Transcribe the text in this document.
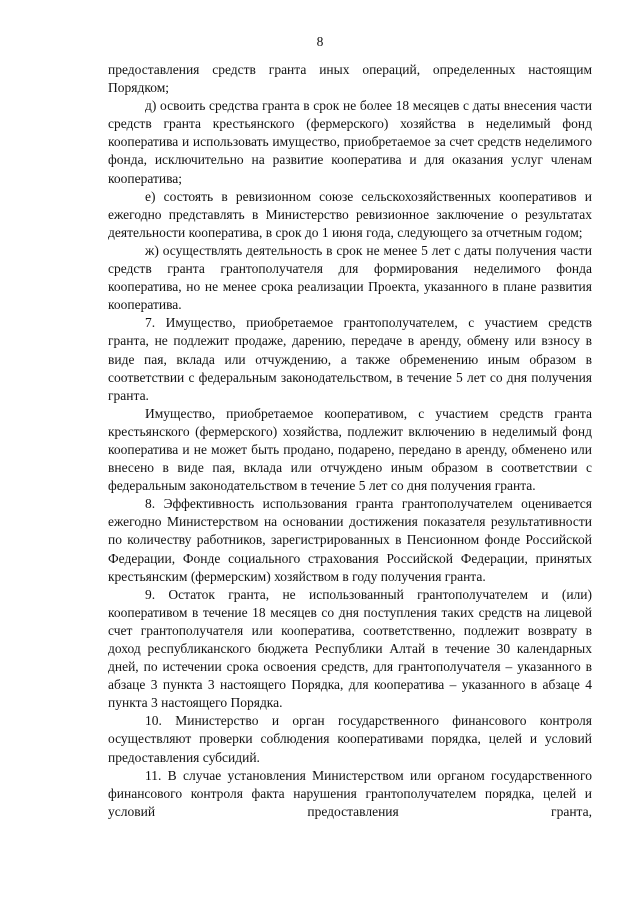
8

предоставления средств гранта иных операций, определенных настоящим Порядком;

д) освоить средства гранта в срок не более 18 месяцев с даты внесения части средств гранта крестьянского (фермерского) хозяйства в неделимый фонд кооператива и использовать имущество, приобретаемое за счет средств неделимого фонда, исключительно на развитие кооператива и для оказания услуг членам кооператива;

е) состоять в ревизионном союзе сельскохозяйственных кооперативов и ежегодно представлять в Министерство ревизионное заключение о результатах деятельности кооператива, в срок до 1 июня года, следующего за отчетным годом;

ж) осуществлять деятельность в срок не менее 5 лет с даты получения части средств гранта грантополучателя для формирования неделимого фонда кооператива, но не менее срока реализации Проекта, указанного в плане развития кооператива.

7. Имущество, приобретаемое грантополучателем, с участием средств гранта, не подлежит продаже, дарению, передаче в аренду, обмену или взносу в виде пая, вклада или отчуждению, а также обременению иным образом в соответствии с федеральным законодательством, в течение 5 лет со дня получения гранта.

Имущество, приобретаемое кооперативом, с участием средств гранта крестьянского (фермерского) хозяйства, подлежит включению в неделимый фонд кооператива и не может быть продано, подарено, передано в аренду, обменено или внесено в виде пая, вклада или отчуждено иным образом в соответствии с федеральным законодательством в течение 5 лет со дня получения гранта.

8. Эффективность использования гранта грантополучателем оценивается ежегодно Министерством на основании достижения показателя результативности по количеству работников, зарегистрированных в Пенсионном фонде Российской Федерации, Фонде социального страхования Российской Федерации, принятых крестьянским (фермерским) хозяйством в году получения гранта.

9. Остаток гранта, не использованный грантополучателем и (или) кооперативом в течение 18 месяцев со дня поступления таких средств на лицевой счет грантополучателя или кооператива, соответственно, подлежит возврату в доход республиканского бюджета Республики Алтай в течение 30 календарных дней, по истечении срока освоения средств, для грантополучателя – указанного в абзаце 3 пункта 3 настоящего Порядка, для кооператива – указанного в абзаце 4 пункта 3 настоящего Порядка.

10. Министерство и орган государственного финансового контроля осуществляют проверки соблюдения кооперативами порядка, целей и условий предоставления субсидий.

11. В случае установления Министерством или органом государственного финансового контроля факта нарушения грантополучателем порядка, целей и условий предоставления гранта,
